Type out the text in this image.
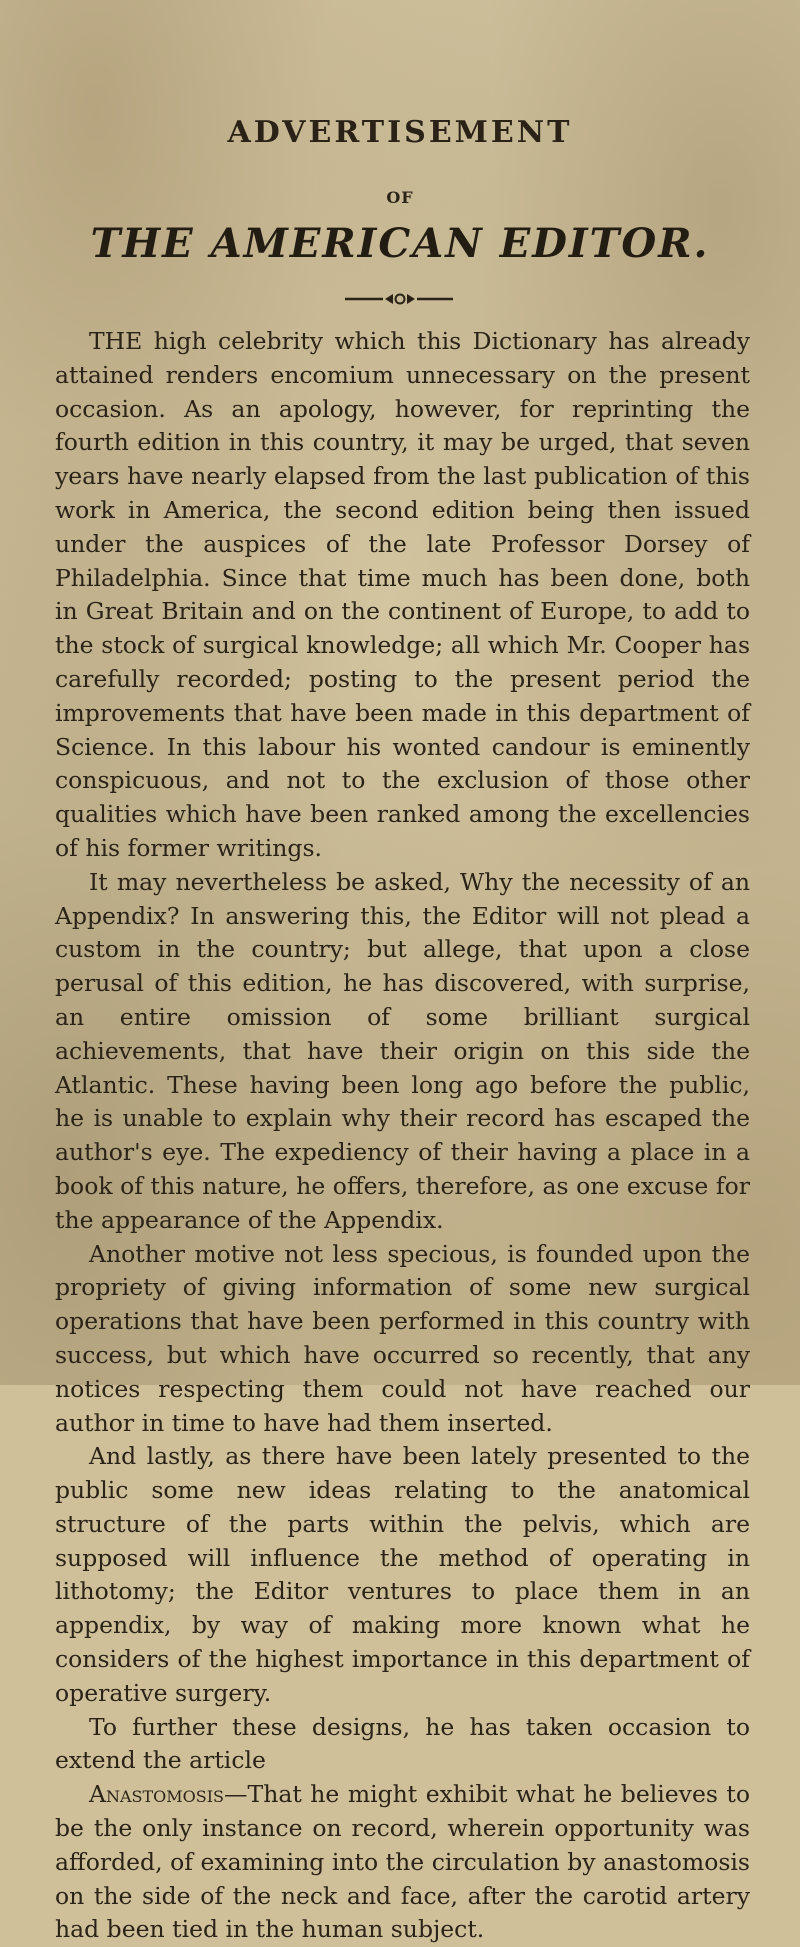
ADVERTISEMENT
OF
THE AMERICAN EDITOR.

THE high celebrity which this Dictionary has already attained renders encomium unnecessary on the present occasion. As an apology, however, for reprinting the fourth edition in this country, it may be urged, that seven years have nearly elapsed from the last publication of this work in America, the second edition being then issued under the auspices of the late Professor Dorsey of Philadelphia. Since that time much has been done, both in Great Britain and on the continent of Europe, to add to the stock of surgical knowledge; all which Mr. Cooper has carefully recorded; posting to the present period the improvements that have been made in this department of Science. In this labour his wonted candour is eminently conspicuous, and not to the exclusion of those other qualities which have been ranked among the excellencies of his former writings.

It may nevertheless be asked, Why the necessity of an Appendix? In answering this, the Editor will not plead a custom in the country; but allege, that upon a close perusal of this edition, he has discovered, with surprise, an entire omission of some brilliant surgical achievements, that have their origin on this side the Atlantic. These having been long ago before the public, he is unable to explain why their record has escaped the author's eye. The expediency of their having a place in a book of this nature, he offers, therefore, as one excuse for the appearance of the Appendix.

Another motive not less specious, is founded upon the propriety of giving information of some new surgical operations that have been performed in this country with success, but which have occurred so recently, that any notices respecting them could not have reached our author in time to have had them inserted.

And lastly, as there have been lately presented to the public some new ideas relating to the anatomical structure of the parts within the pelvis, which are supposed will influence the method of operating in lithotomy; the Editor ventures to place them in an appendix, by way of making more known what he considers of the highest importance in this department of operative surgery.

To further these designs, he has taken occasion to extend the article

Anastomosis—That he might exhibit what he believes to be the only instance on record, wherein opportunity was afforded, of examining into the circulation by anastomosis on the side of the neck and face, after the carotid artery had been tied in the human subject.
